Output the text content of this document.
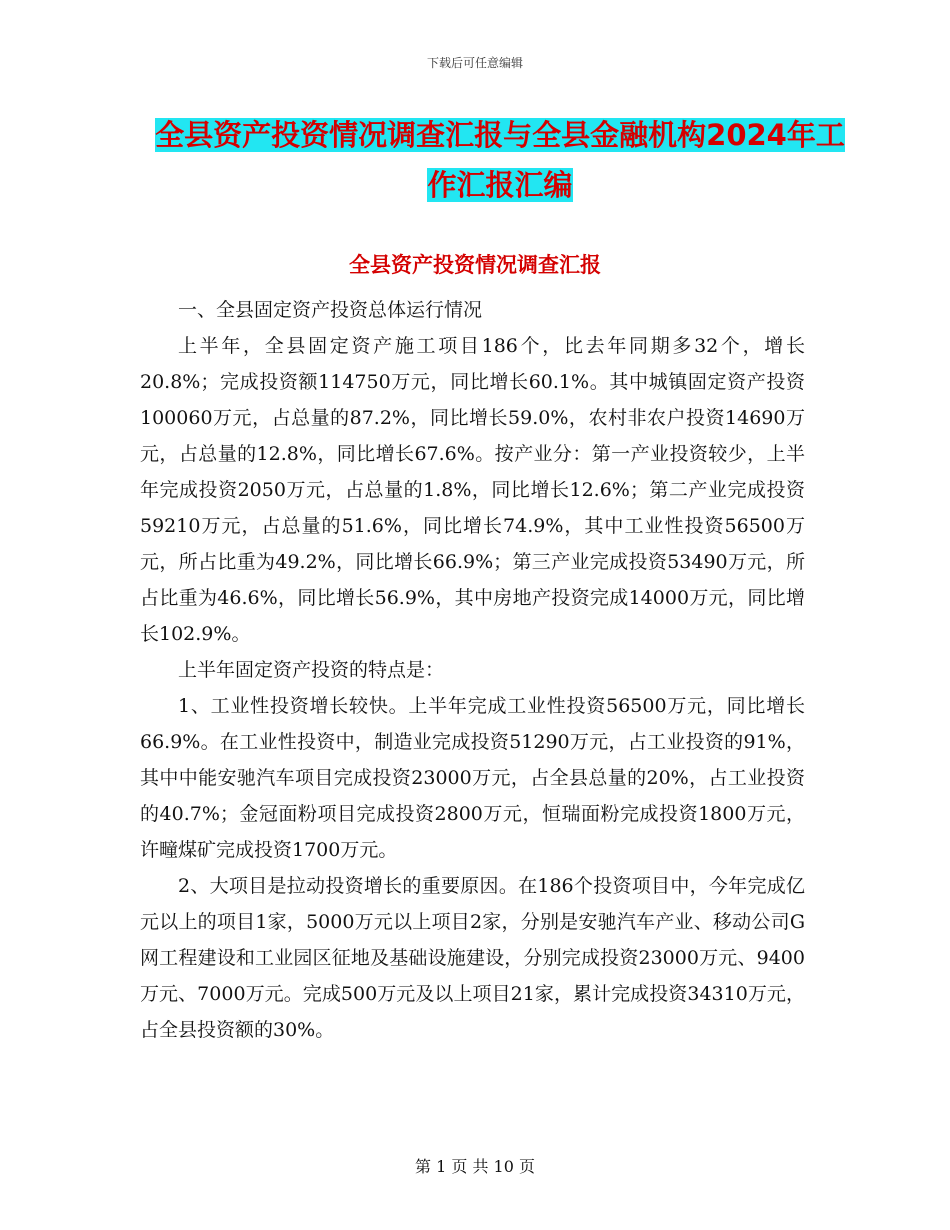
下载后可任意编辑
全县资产投资情况调查汇报与全县金融机构2024年工
作汇报汇编
全县资产投资情况调查汇报

一、全县固定资产投资总体运行情况

上半年，全县固定资产施工项目186个，比去年同期多32个，增长20.8%；完成投资额114750万元，同比增长60.1%。其中城镇固定资产投资100060万元，占总量的87.2%，同比增长59.0%，农村非农户投资14690万元，占总量的12.8%，同比增长67.6%。按产业分：第一产业投资较少，上半年完成投资2050万元，占总量的1.8%，同比增长12.6%；第二产业完成投资59210万元，占总量的51.6%，同比增长74.9%，其中工业性投资56500万元，所占比重为49.2%，同比增长66.9%；第三产业完成投资53490万元，所占比重为46.6%，同比增长56.9%，其中房地产投资完成14000万元，同比增长102.9%。

上半年固定资产投资的特点是：

1、工业性投资增长较快。上半年完成工业性投资56500万元，同比增长66.9%。在工业性投资中，制造业完成投资51290万元，占工业投资的91%，其中中能安驰汽车项目完成投资23000万元，占全县总量的20%，占工业投资的40.7%；金冠面粉项目完成投资2800万元，恒瑞面粉完成投资1800万元，许疃煤矿完成投资1700万元。

2、大项目是拉动投资增长的重要原因。在186个投资项目中，今年完成亿元以上的项目1家，5000万元以上项目2家，分别是安驰汽车产业、移动公司G网工程建设和工业园区征地及基础设施建设，分别完成投资23000万元、9400万元、7000万元。完成500万元及以上项目21家，累计完成投资34310万元，占全县投资额的30%。

第 1 页 共 10 页
